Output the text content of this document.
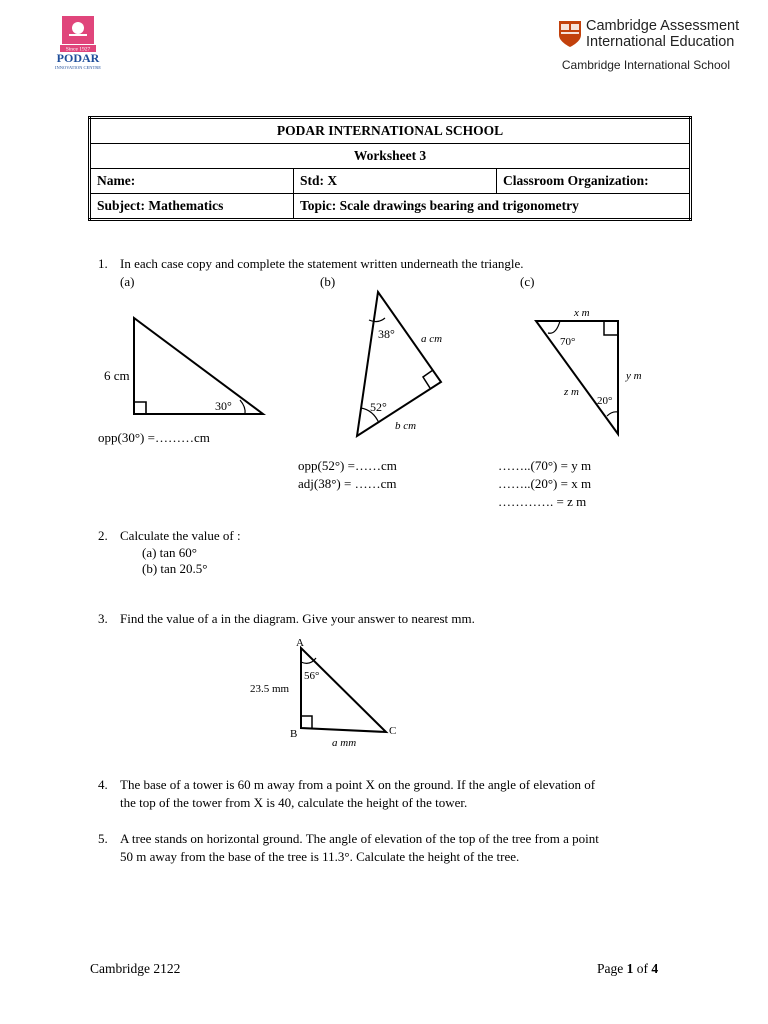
Since 1927
PODAR
INNOVATION CENTRE
Cambridge Assessment
International Education
Cambridge International School
PODAR INTERNATIONAL SCHOOL		
Worksheet 3		
Name:	Std: X	Classroom Organization:
Subject: Mathematics	Topic: Scale drawings bearing and trigonometry	
1. In each case copy and complete the statement written underneath the triangle.
(a)	(b)	(c)
6 cm
30°
opp(30°) =………cm
38° a cm
52°
b cm
opp(52°) =……cm
adj(38°) = ……cm
x m
70°
y m
z m
20°
……..(70°) = y m
……..(20°) = x m
…………. = z m
2. Calculate the value of :
(a) tan 60°
(b) tan 20.5°
3. Find the value of a in the diagram. Give your answer to nearest mm.
A
56°
23.5 mm
B	C
a mm
4. The base of a tower is 60 m away from a point X on the ground. If the angle of elevation of
the top of the tower from X is 40, calculate the height of the tower.
5. A tree stands on horizontal ground. The angle of elevation of the top of the tree from a point
50 m away from the base of the tree is 11.3°. Calculate the height of the tree.
Cambridge 2122	Page 1 of 4
